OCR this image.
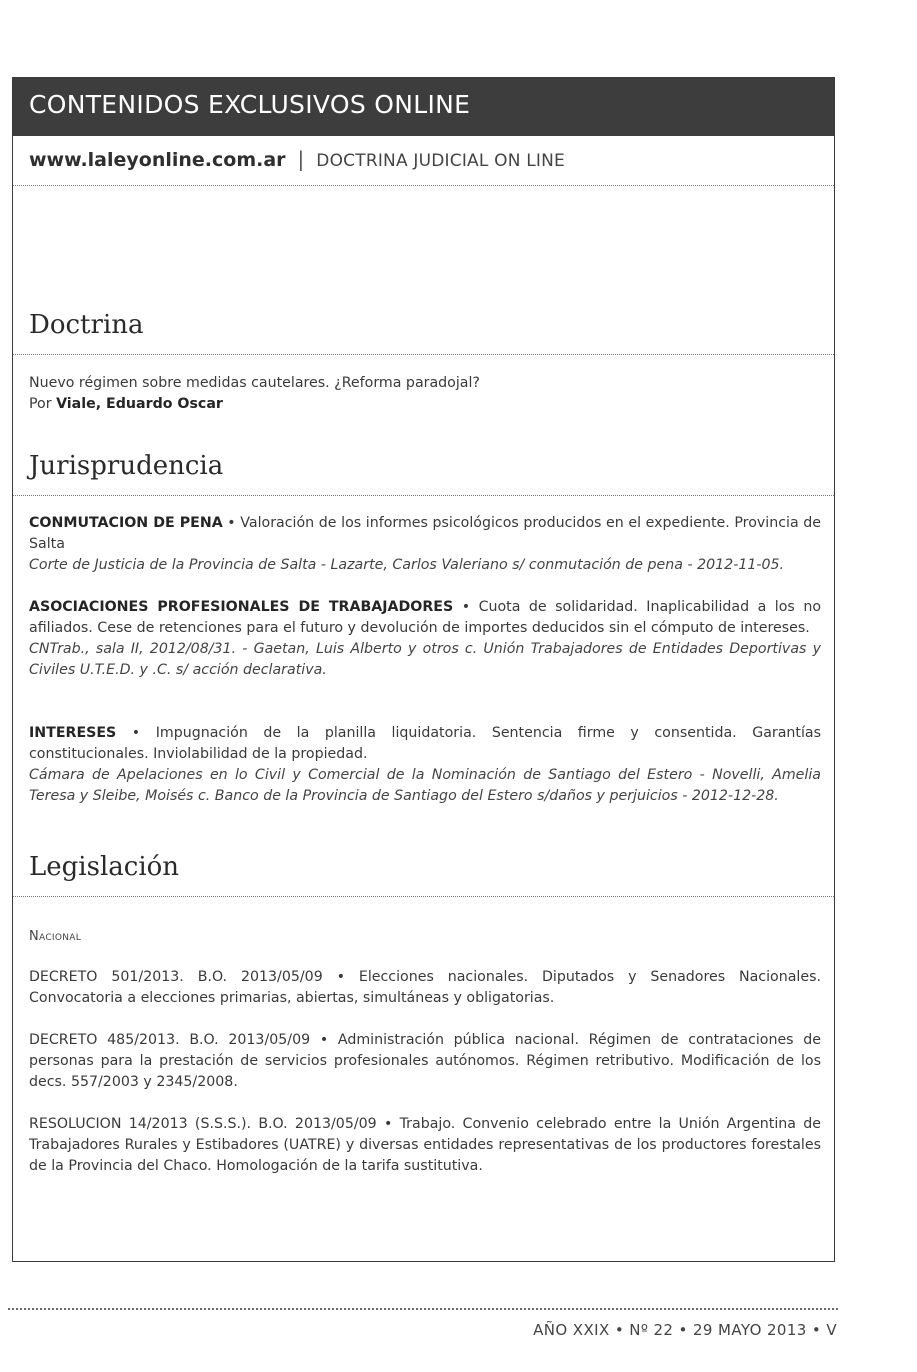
CONTENIDOS EXCLUSIVOS ONLINE
www.laleyonline.com.ar | DOCTRINA JUDICIAL ON LINE
Doctrina
Nuevo régimen sobre medidas cautelares. ¿Reforma paradojal?
Por Viale, Eduardo Oscar
Jurisprudencia
CONMUTACION DE PENA • Valoración de los informes psicológicos producidos en el expediente. Provincia de Salta
Corte de Justicia de la Provincia de Salta - Lazarte, Carlos Valeriano s/ conmutación de pena - 2012-11-05.
ASOCIACIONES PROFESIONALES DE TRABAJADORES • Cuota de solidaridad. Inaplicabilidad a los no afiliados. Cese de retenciones para el futuro y devolución de importes deducidos sin el cómputo de intereses.
CNTrab., sala II, 2012/08/31. - Gaetan, Luis Alberto y otros c. Unión Trabajadores de Entidades Deportivas y Civiles U.T.E.D. y .C. s/ acción declarativa.
INTERESES • Impugnación de la planilla liquidatoria. Sentencia firme y consentida. Garantías constitucionales. Inviolabilidad de la propiedad.
Cámara de Apelaciones en lo Civil y Comercial de la Nominación de Santiago del Estero - Novelli, Amelia Teresa y Sleibe, Moisés c. Banco de la Provincia de Santiago del Estero s/daños y perjuicios - 2012-12-28.
Legislación
Nacional
DECRETO 501/2013. B.O. 2013/05/09 • Elecciones nacionales. Diputados y Senadores Nacionales. Convocatoria a elecciones primarias, abiertas, simultáneas y obligatorias.
DECRETO 485/2013. B.O. 2013/05/09 • Administración pública nacional. Régimen de contrataciones de personas para la prestación de servicios profesionales autónomos. Régimen retributivo. Modificación de los decs. 557/2003 y 2345/2008.
RESOLUCION 14/2013 (S.S.S.). B.O. 2013/05/09 • Trabajo. Convenio celebrado entre la Unión Argentina de Trabajadores Rurales y Estibadores (UATRE) y diversas entidades representativas de los productores forestales de la Provincia del Chaco. Homologación de la tarifa sustitutiva.
AÑO XXIX • Nº 22 • 29 MAYO 2013 • V
